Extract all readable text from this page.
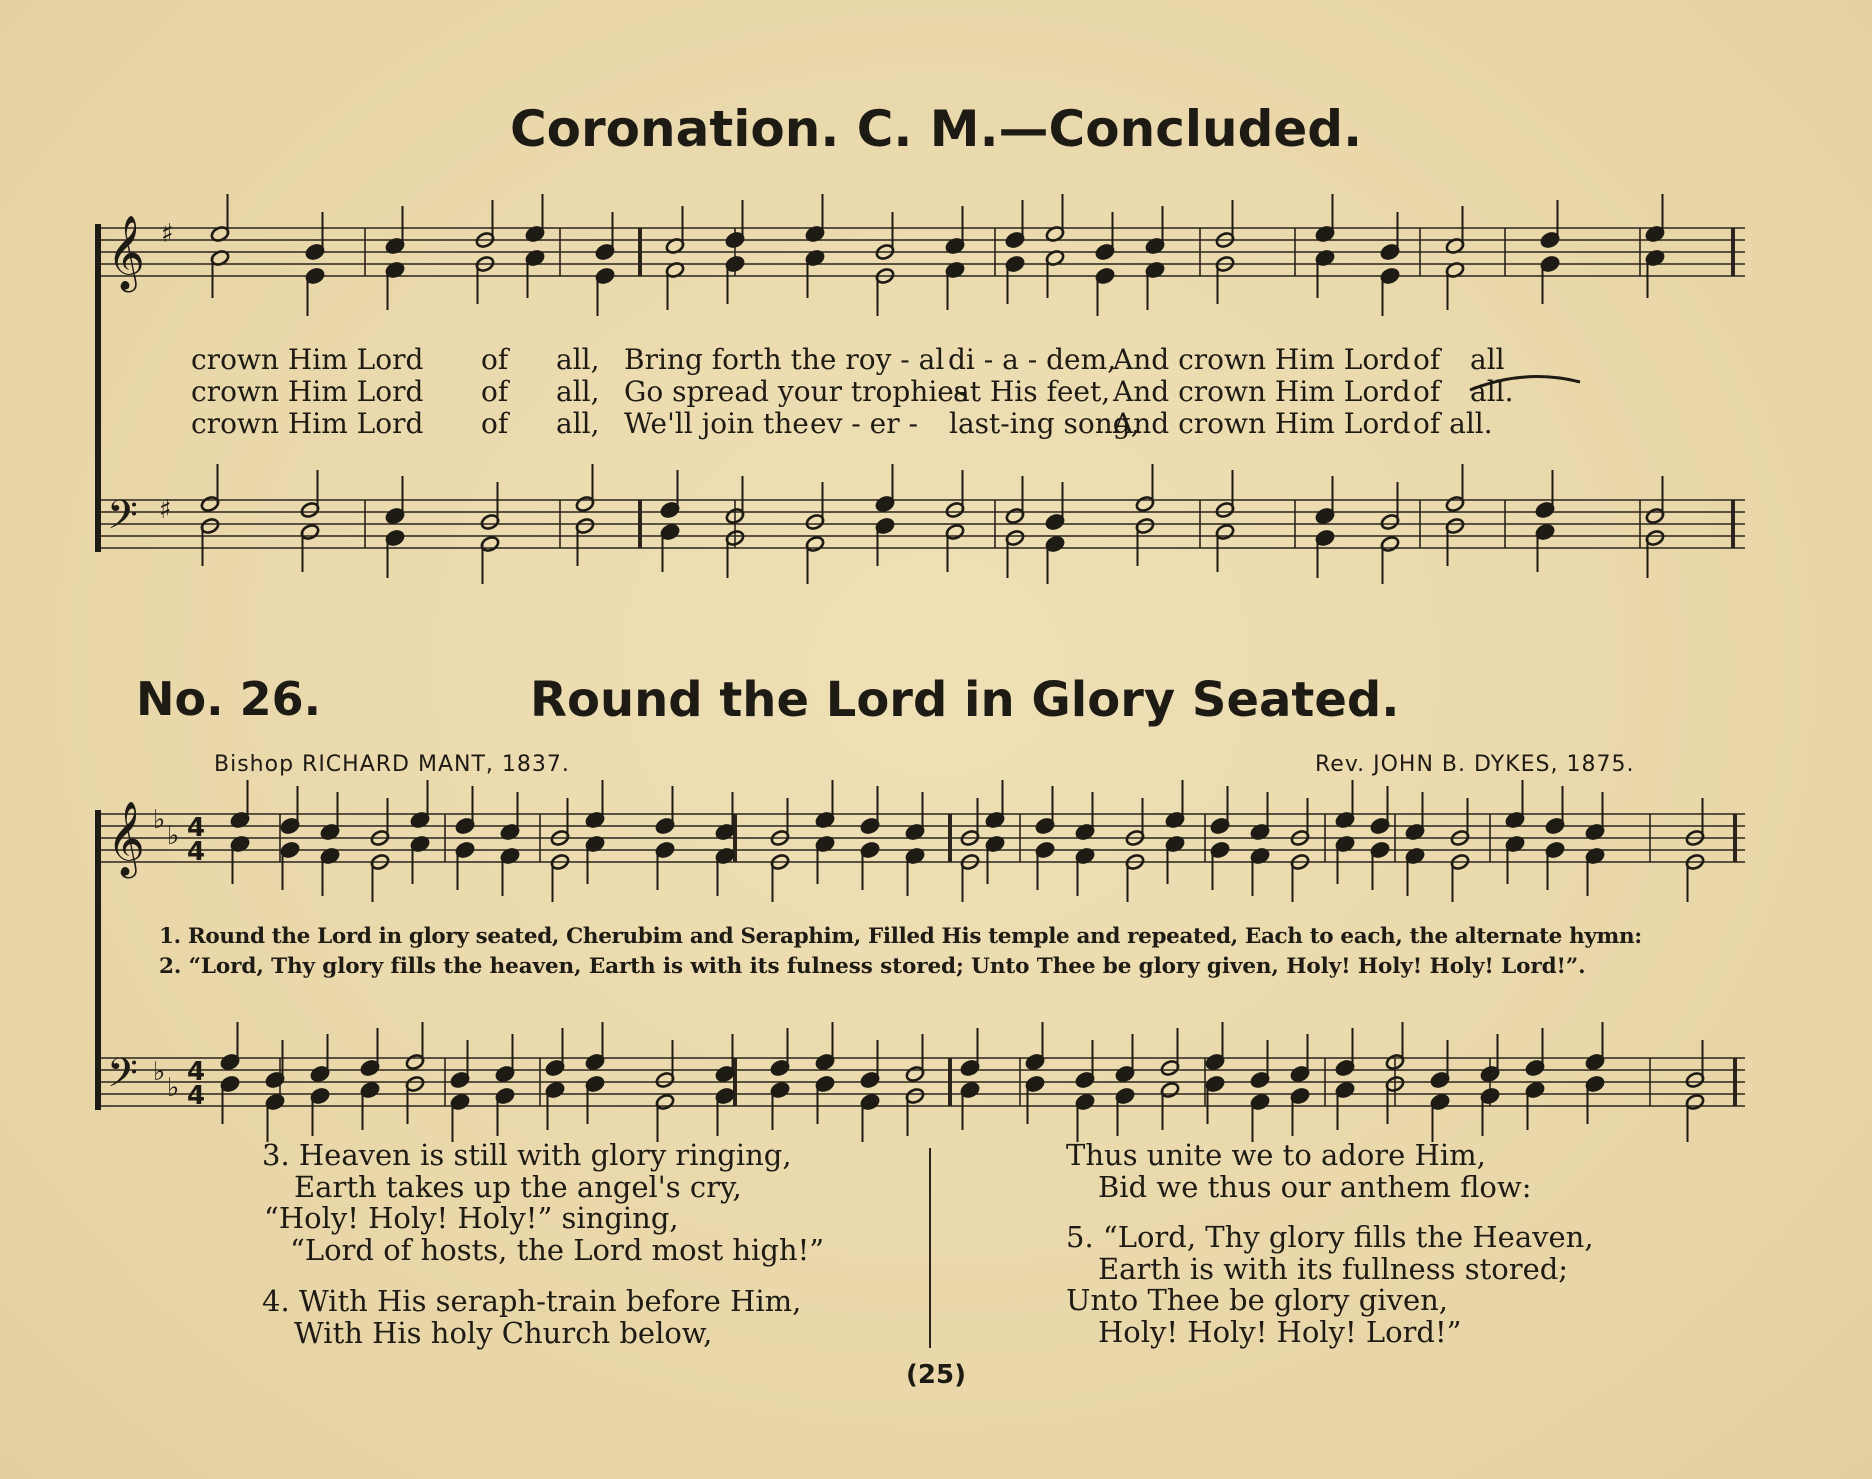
Coronation. C. M.—Concluded.
𝄞
𝄢
♯
♯
crown Him Lord of all, Bring forth the roy - al di - a - dem,
And crown Him Lord of all
crown Him Lord of all, Go spread your trophies
at His feet, And crown Him Lord of all.
crown Him Lord of all, We'll join the ev - er - last-ing song,
And crown Him Lord of all.
No. 26.	Round the Lord in Glory Seated.
Bishop RICHARD MANT, 1837.	Rev. JOHN B. DYKES, 1875.
𝄞
𝄢
♭
♭
♭
♭
4
4
4
4
1. Round the Lord in glory seated, Cherubim and Seraphim, Filled His temple and repeated, Each to each, the alternate hymn:
2. “Lord, Thy glory fills the heaven, Earth is with its fulness stored; Unto Thee be glory given, Holy! Holy! Holy! Lord!”.
3. Heaven is still with glory ringing,
Earth takes up the angel's cry,
“Holy! Holy! Holy!” singing,
“Lord of hosts, the Lord most high!”
4. With His seraph-train before Him,
With His holy Church below,
Thus unite we to adore Him,
Bid we thus our anthem flow:
5. “Lord, Thy glory fills the Heaven,
Earth is with its fullness stored;
Unto Thee be glory given,
Holy! Holy! Holy! Lord!”
(25)
